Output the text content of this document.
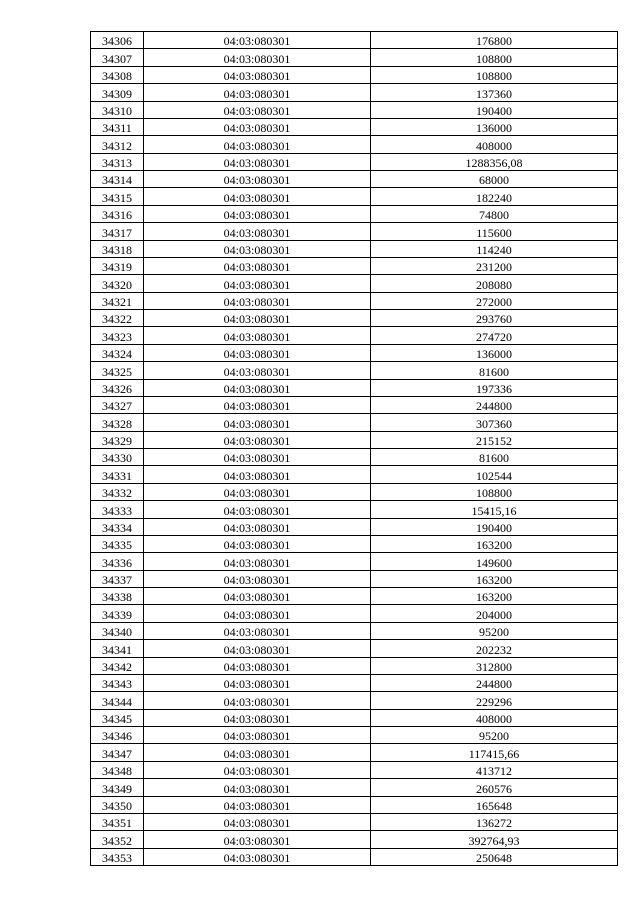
34306	04:03:080301	176800
34307	04:03:080301	108800
34308	04:03:080301	108800
34309	04:03:080301	137360
34310	04:03:080301	190400
34311	04:03:080301	136000
34312	04:03:080301	408000
34313	04:03:080301	1288356,08
34314	04:03:080301	68000
34315	04:03:080301	182240
34316	04:03:080301	74800
34317	04:03:080301	115600
34318	04:03:080301	114240
34319	04:03:080301	231200
34320	04:03:080301	208080
34321	04:03:080301	272000
34322	04:03:080301	293760
34323	04:03:080301	274720
34324	04:03:080301	136000
34325	04:03:080301	81600
34326	04:03:080301	197336
34327	04:03:080301	244800
34328	04:03:080301	307360
34329	04:03:080301	215152
34330	04:03:080301	81600
34331	04:03:080301	102544
34332	04:03:080301	108800
34333	04:03:080301	15415,16
34334	04:03:080301	190400
34335	04:03:080301	163200
34336	04:03:080301	149600
34337	04:03:080301	163200
34338	04:03:080301	163200
34339	04:03:080301	204000
34340	04:03:080301	95200
34341	04:03:080301	202232
34342	04:03:080301	312800
34343	04:03:080301	244800
34344	04:03:080301	229296
34345	04:03:080301	408000
34346	04:03:080301	95200
34347	04:03:080301	117415,66
34348	04:03:080301	413712
34349	04:03:080301	260576
34350	04:03:080301	165648
34351	04:03:080301	136272
34352	04:03:080301	392764,93
34353	04:03:080301	250648
